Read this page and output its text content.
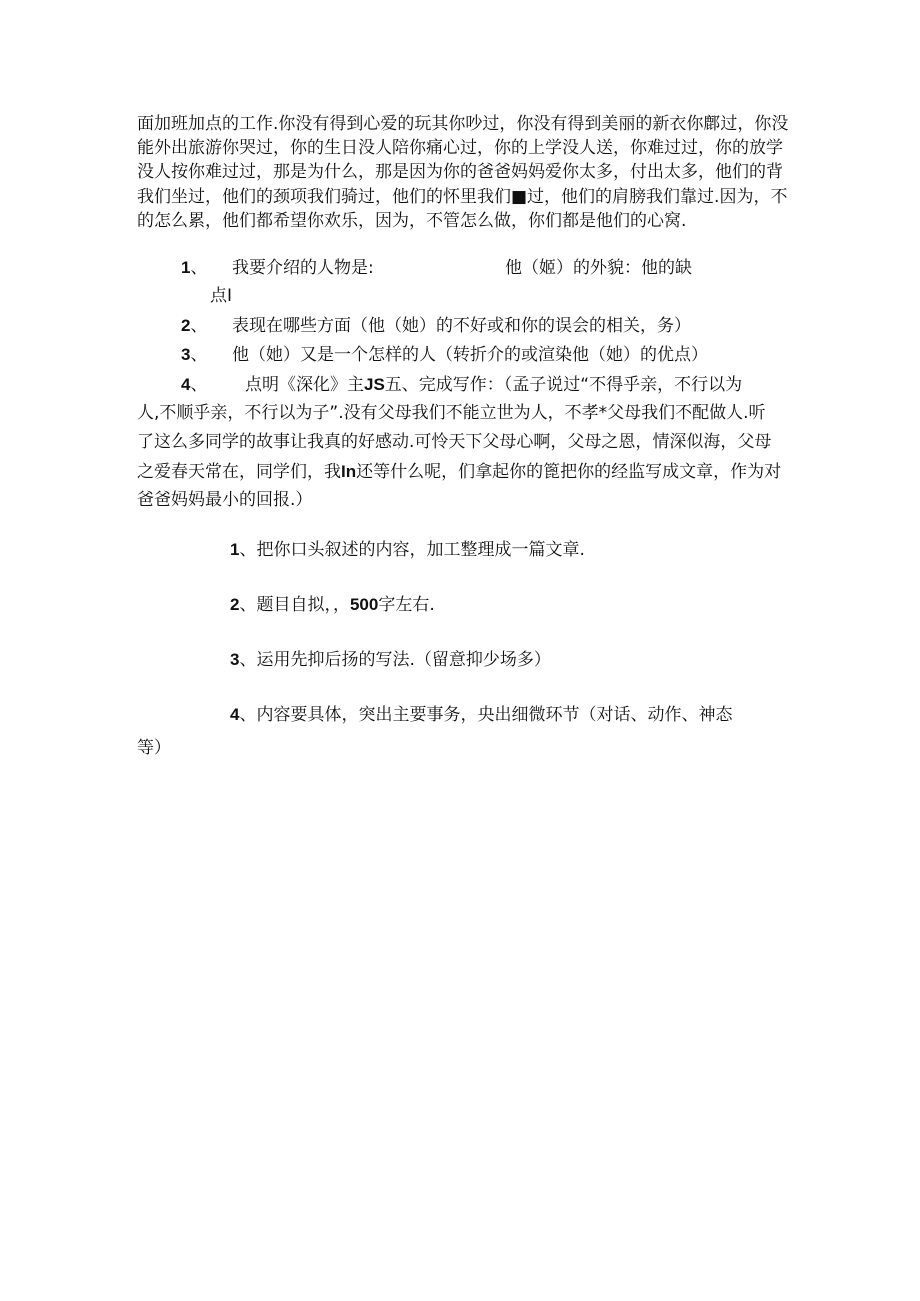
面加班加点的工作.你没有得到心爱的玩其你吵过，你没有得到美丽的新衣你鄜过，你没
能外出旅游你哭过，你的生日没人陪你痛心过，你的上学没人送，你难过过，你的放学
没人按你难过过，那是为什么，那是因为你的爸爸妈妈爱你太多，付出太多，他们的背
我们坐过，他们的颈项我们骑过，他们的怀里我们■过，他们的肩膀我们靠过.因为，不
的怎么累，他们都希望你欢乐，因为，不管怎么做，你们都是他们的心窝.
1、 我要介绍的人物是:	他（姬）的外貌：他的缺
点I
2、 表现在哪些方面（他（她）的不好或和你的误会的相关，务）
3、 他（她）又是一个怎样的人（转折介的或渲染他（她）的优点）
4、 点明《深化》主JS五、完成写作：（孟子说过“不得乎亲，不行以为
人,不顺乎亲，不行以为子”.没有父母我们不能立世为人，不孝*父母我们不配做人.听
了这么多同学的故事让我真的好感动.可怜天下父母心啊，父母之恩，情深似海，父母
之爱春天常在，同学们，我In还等什么呢，们拿起你的篦把你的经监写成文章，作为对
爸爸妈妈最小的回报.）
1、把你口头叙述的内容，加工整理成一篇文章.
2、题目自拟，，500字左右.
3、运用先抑后扬的写法.（留意抑少场多）
4、内容要具体，突出主要事务，央出细微环节（对话、动作、神态
等）
